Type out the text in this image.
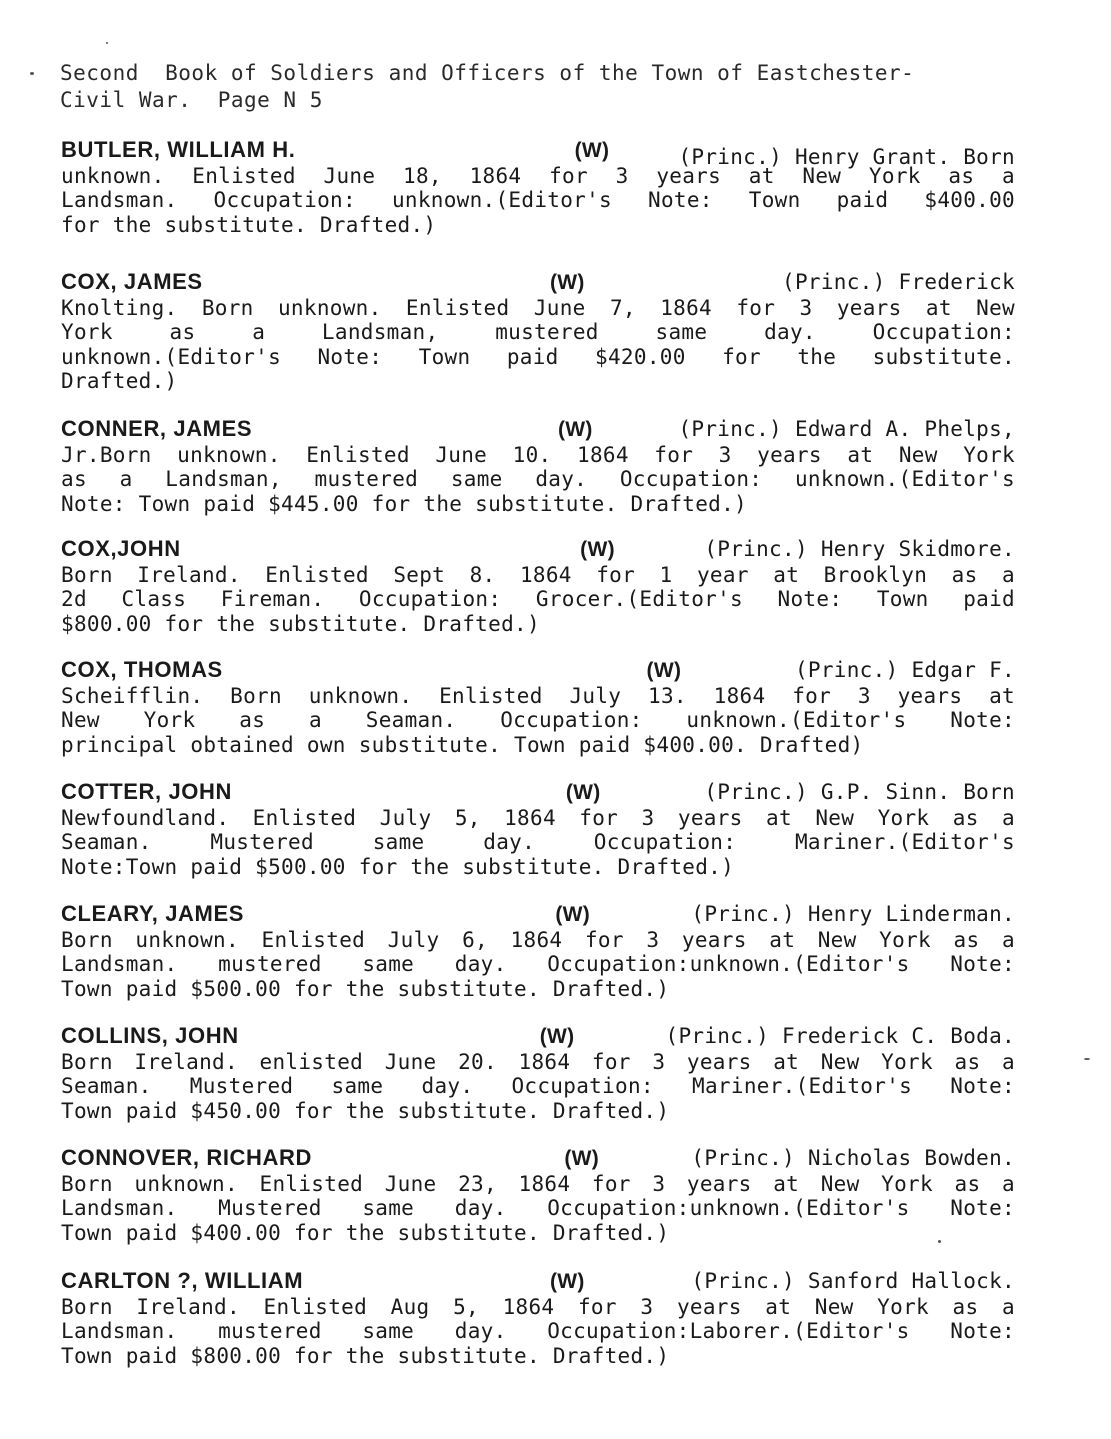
Second  Book of Soldiers and Officers of the Town of Eastchester-
Civil War.  Page N 5
BUTLER, WILLIAM H.	(W)	(Princ.) Henry Grant. Born
unknown. Enlisted June 18, 1864 for 3 years at New York as a
Landsman. Occupation: unknown.(Editor's Note: Town paid $400.00
for the substitute. Drafted.)
COX, JAMES	(W)	(Princ.) Frederick
Knolting. Born unknown. Enlisted June 7, 1864 for 3 years at New
York as a Landsman, mustered same day. Occupation:
unknown.(Editor's Note: Town paid $420.00 for the substitute.
Drafted.)
CONNER, JAMES	(W)	(Princ.) Edward A. Phelps,
Jr.Born unknown. Enlisted June 10. 1864 for 3 years at New York
as a Landsman, mustered same day. Occupation: unknown.(Editor's
Note: Town paid $445.00 for the substitute. Drafted.)
COX,JOHN	(W)	(Princ.) Henry Skidmore.
Born Ireland. Enlisted Sept 8. 1864 for 1 year at Brooklyn as a
2d Class Fireman. Occupation: Grocer.(Editor's Note: Town paid
$800.00 for the substitute. Drafted.)
COX, THOMAS	(W)	(Princ.) Edgar F.
Scheifflin. Born unknown. Enlisted July 13. 1864 for 3 years at
New York as a Seaman. Occupation: unknown.(Editor's Note:
principal obtained own substitute. Town paid $400.00. Drafted)
COTTER, JOHN	(W)	(Princ.) G.P. Sinn. Born
Newfoundland. Enlisted July 5, 1864 for 3 years at New York as a
Seaman. Mustered same day. Occupation: Mariner.(Editor's
Note:Town paid $500.00 for the substitute. Drafted.)
CLEARY, JAMES	(W)	(Princ.) Henry Linderman.
Born unknown. Enlisted July 6, 1864 for 3 years at New York as a
Landsman. mustered same day. Occupation:unknown.(Editor's Note:
Town paid $500.00 for the substitute. Drafted.)
COLLINS, JOHN	(W)	(Princ.) Frederick C. Boda.
Born Ireland. enlisted June 20. 1864 for 3 years at New York as a
Seaman. Mustered same day. Occupation: Mariner.(Editor's Note:
Town paid $450.00 for the substitute. Drafted.)
CONNOVER, RICHARD	(W)	(Princ.) Nicholas Bowden.
Born unknown. Enlisted June 23, 1864 for 3 years at New York as a
Landsman. Mustered same day. Occupation:unknown.(Editor's Note:
Town paid $400.00 for the substitute. Drafted.)
CARLTON ?, WILLIAM	(W)	(Princ.) Sanford Hallock.
Born Ireland. Enlisted Aug 5, 1864 for 3 years at New York as a
Landsman. mustered same day. Occupation:Laborer.(Editor's Note:
Town paid $800.00 for the substitute. Drafted.)
